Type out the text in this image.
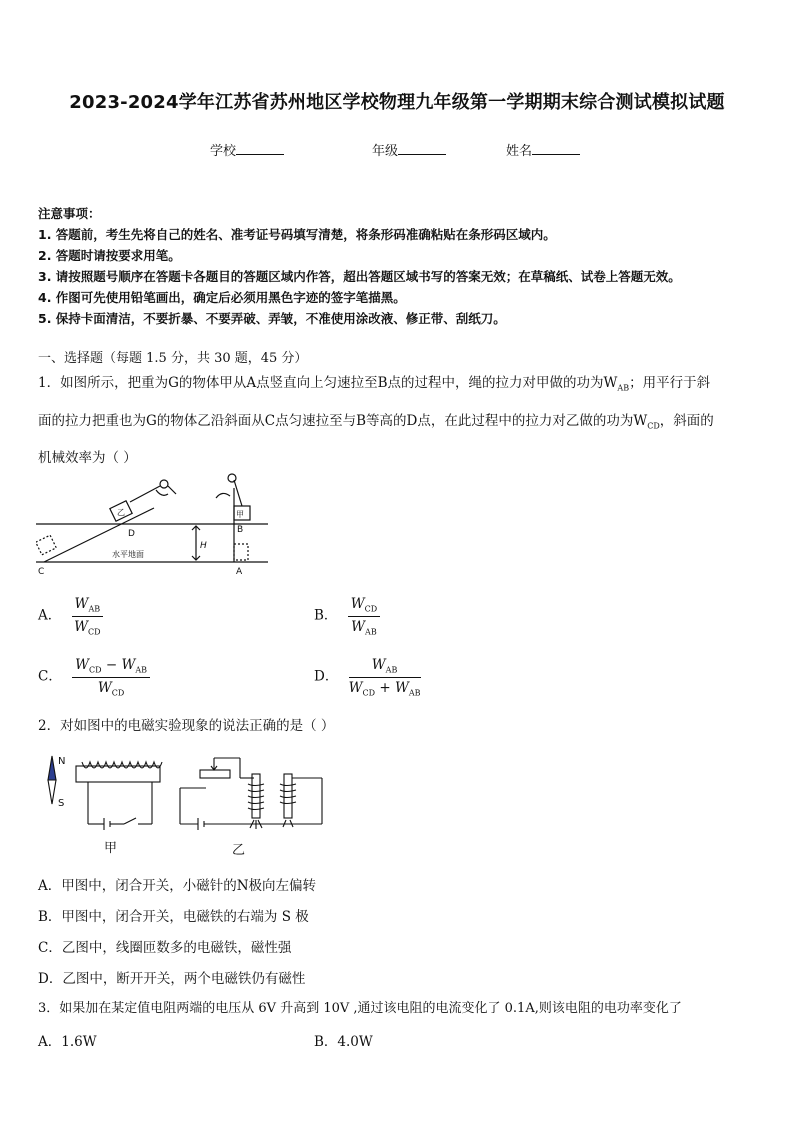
2023-2024学年江苏省苏州地区学校物理九年级第一学期期末综合测试模拟试题
学校	年级	姓名
注意事项：
1. 答题前，考生先将自己的姓名、准考证号码填写清楚，将条形码准确粘贴在条形码区域内。
2. 答题时请按要求用笔。
3. 请按照题号顺序在答题卡各题目的答题区域内作答，超出答题区域书写的答案无效；在草稿纸、试卷上答题无效。
4. 作图可先使用铅笔画出，确定后必须用黑色字迹的签字笔描黑。
5. 保持卡面清洁，不要折暴、不要弄破、弄皱，不准使用涂改液、修正带、刮纸刀。
一、选择题（每题 1.5 分，共 30 题，45 分）
1．如图所示，把重为G的物体甲从A点竖直向上匀速拉至B点的过程中，绳的拉力对甲做的功为$W_{AB}$；用平行于斜
面的拉力把重也为G的物体乙沿斜面从C点匀速拉至与B等高的D点，在此过程中的拉力对乙做的功为$W_{CD}$，斜面的
机械效率为（ ）
C
D
A
B
H
乙	甲
水平地面
A． $\frac{W_{AB}}{W_{CD}}$	B． $\frac{W_{CD}}{W_{AB}}$
C． $\frac{W_{CD} - W_{AB}}{W_{CD}}$	D． $\frac{W_{AB}}{W_{CD} + W_{AB}}$
2．对如图中的电磁实验现象的说法正确的是（ ）
N
S
甲	乙
A．甲图中，闭合开关，小磁针的N极向左偏转
B．甲图中，闭合开关，电磁铁的右端为 S 极
C．乙图中，线圈匝数多的电磁铁，磁性强
D．乙图中，断开开关，两个电磁铁仍有磁性
3．如果加在某定值电阻两端的电压从 6V 升高到 10V ,通过该电阻的电流变化了 0.1A,则该电阻的电功率变化了
A．1.6W	B．4.0W
